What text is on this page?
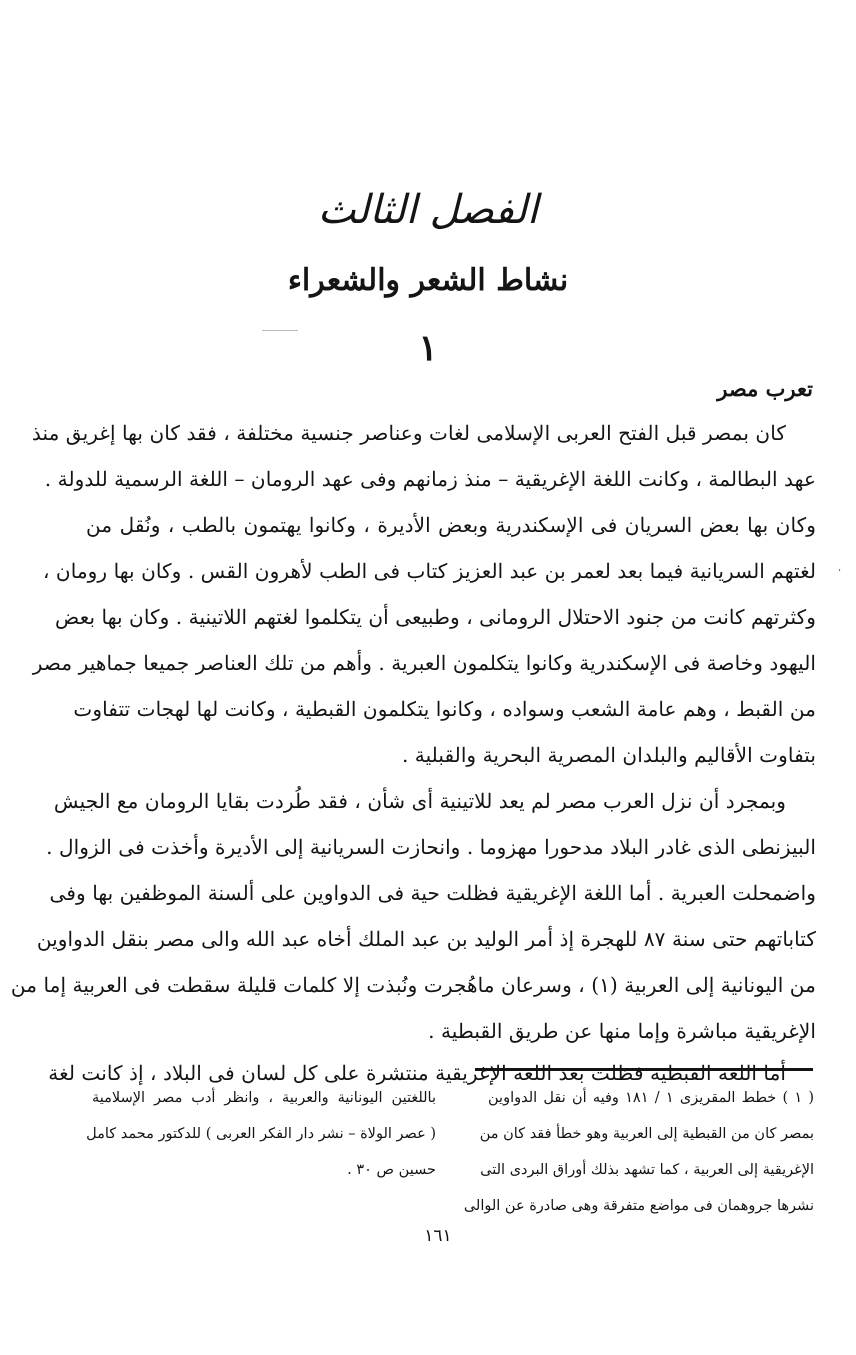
الفصل الثالث
نشاط الشعر والشعراء
١
تعرب مصر
كان بمصر قبل الفتح العربى الإسلامى لغات وعناصر جنسية مختلفة ، فقد كان بها إغريق منذ
عهد البطالمة ، وكانت اللغة الإغريقية – منذ زمانهم وفى عهد الرومان – اللغة الرسمية للدولة .
وكان بها بعض السريان فى الإسكندرية وبعض الأديرة ، وكانوا يهتمون بالطب ، ونُقل من
لغتهم السريانية فيما بعد لعمر بن عبد العزيز كتاب فى الطب لأهرون القس . وكان بها رومان ،
وكثرتهم كانت من جنود الاحتلال الرومانى ، وطبيعى أن يتكلموا لغتهم اللاتينية . وكان بها بعض
اليهود وخاصة فى الإسكندرية وكانوا يتكلمون العبرية . وأهم من تلك العناصر جميعا جماهير مصر
من القبط ، وهم عامة الشعب وسواده ، وكانوا يتكلمون القبطية ، وكانت لها لهجات تتفاوت
بتفاوت الأقاليم والبلدان المصرية البحرية والقبلية .
وبمجرد أن نزل العرب مصر لم يعد للاتينية أى شأن ، فقد طُردت بقايا الرومان مع الجيش
البيزنطى الذى غادر البلاد مدحورا مهزوما . وانحازت السريانية إلى الأديرة وأخذت فى الزوال .
واضمحلت العبرية . أما اللغة الإغريقية فظلت حية فى الدواوين على ألسنة الموظفين بها وفى
كتاباتهم حتى سنة ٨٧ للهجرة إذ أمر الوليد بن عبد الملك أخاه عبد الله والى مصر بنقل الدواوين
من اليونانية إلى العربية (١) ، وسرعان ماهُجرت ونُبذت إلا كلمات قليلة سقطت فى العربية إما من
الإغريقية مباشرة وإما منها عن طريق القبطية .
أما اللغة القبطية فظلت بعد اللغة الإغريقية منتشرة على كل لسان فى البلاد ، إذ كانت لغة
،
( ١ ) خطط المقريزى ١ / ١٨١ وفيه أن نقل الدواوين
بمصر كان من القبطية إلى العربية وهو خطأ فقد كان من
الإغريقية إلى العربية ، كما تشهد بذلك أوراق البردى التى
نشرها جروهمان فى مواضع متفرقة وهى صادرة عن الوالى
باللغتين اليونانية والعربية ، وانظر أدب مصر الإسلامية
( عصر الولاة – نشر دار الفكر العربى ) للدكتور محمد كامل
حسين ص ٣٠ .
١٦١
